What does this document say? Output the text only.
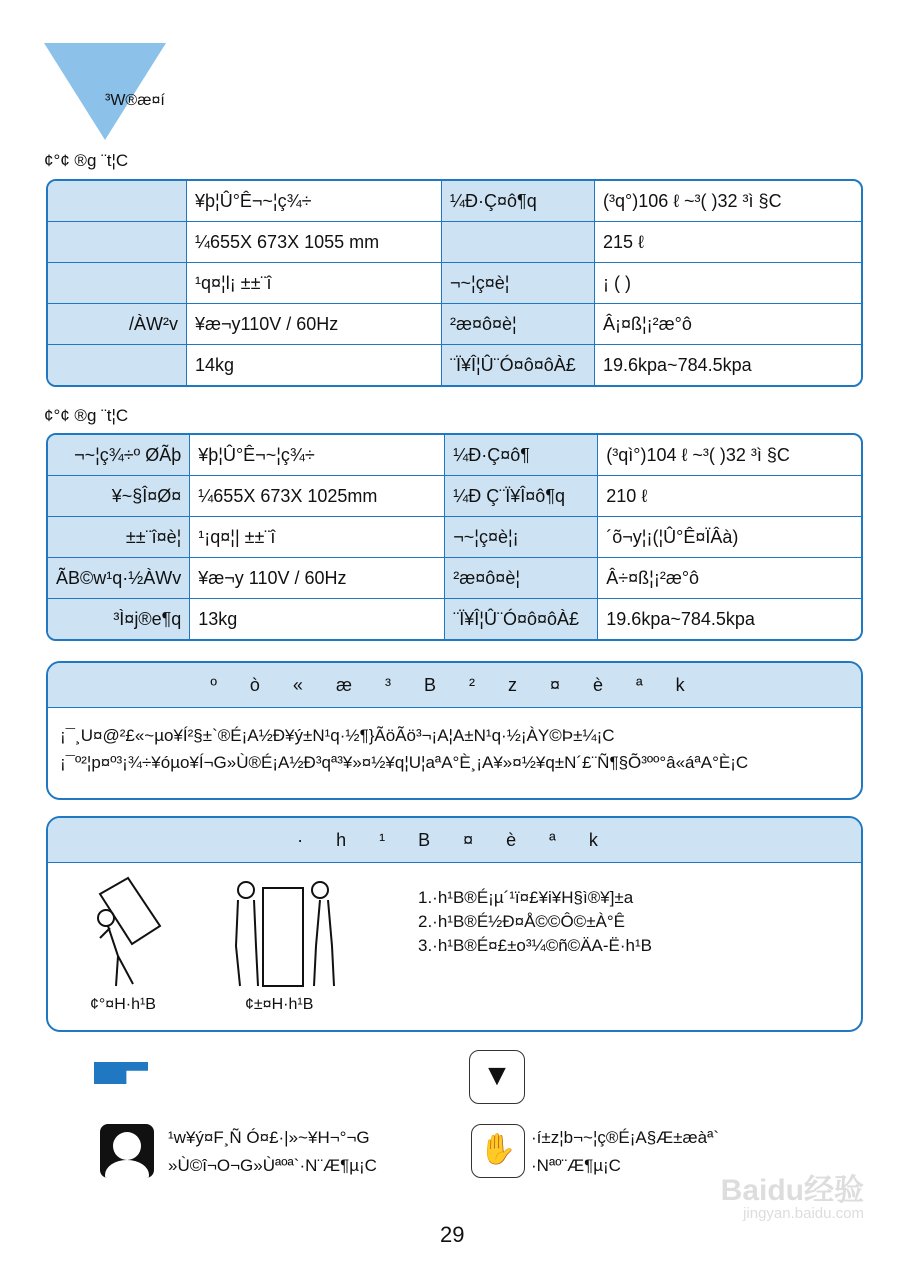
³W®æ¤í
¢°¢ ®g ¨t¦C
	¥þ¦Û°Ê¬~¦ç¾÷	¼Ð·Ç¤ô¶q	(³q°)106 ℓ ~³( )32 ³ì §C
	¼655X 673X 1055 mm		215 ℓ
	¹q¤¦l¡ ±±¨î	¬~¦ç¤è¦	¡ ( )
/ÀW²v	¥æ¬y110V / 60Hz	²æ¤ô¤è¦	Â¡¤ß¦¡²æ°ô
	14kg	¨Ï¥Î¦Û¨Ó¤ô¤ôÀ£	19.6kpa~784.5kpa
¢°¢ ®g ¨t¦C
¬~¦ç¾÷º ØÃþ	¥þ¦Û°Ê¬~¦ç¾÷	¼Ð·Ç¤ô¶	(³qì°)104 ℓ ~³( )32 ³ì §C
¥~§Î¤Ø¤	¼655X 673X 1025mm	¼Ð Ç¨Ï¥Î¤ô¶q	210 ℓ
±±¨î¤è¦	¹¡q¤¦| ±±¨î	¬~¦ç¤è¦¡	´õ¬y¦¡(¦Û°Ê¤ÏÂà)
ÃB©w¹q·½ÀWv	¥æ¬y 110V / 60Hz	²æ¤ô¤è¦	Â÷¤ß¦¡²æ°ô
³Ì¤j®e¶q	13kg	¨Ï¥Î¦Û¨Ó¤ô¤ôÀ£	19.6kpa~784.5kpa
º ò « æ ³ B ² z ¤ è ª k
¡¯¸U¤@²£«~µo¥Í²§±`®É¡A½Ð¥ý±N¹q·½¶}ÃöÃö³¬¡A¦A±N¹q·½¡ÀY©Þ±¼¡C
¡¯º²¦p¤º³¡¾÷¥óµo¥Í¬G»Ù®É¡A½Ð³qª³¥»¤½¥q¦U¦aªA°È¸¡A¥»¤½¥q±N´£¨Ñ¶§Õ³ºº°â«áªA°È¡C
· h ¹ B ¤ è ª k
¢°¤H·h¹B	¢±¤H·h¹B
1.·h¹B®É¡µ´¹ï¤£¥i¥H§ì®¥]±a
2.·h¹B®É½Ð¤Å©©Ô©±À°Ê
3.·h¹B®É¤£±o³¼©ñ©ÄA-Ë·h¹B
▼
¹w¥ý¤F¸Ñ Ó¤£·|»~¥H¬°¬G
»Ù©î¬O¬G»Ùªºª`·N¨Æ¶µ¡C	✋ ·í±z¦b¬~¦ç®É¡A§Æ±æàª`
·Nªº¨Æ¶µ¡C
Baidu经验
jingyan.baidu.com
29
